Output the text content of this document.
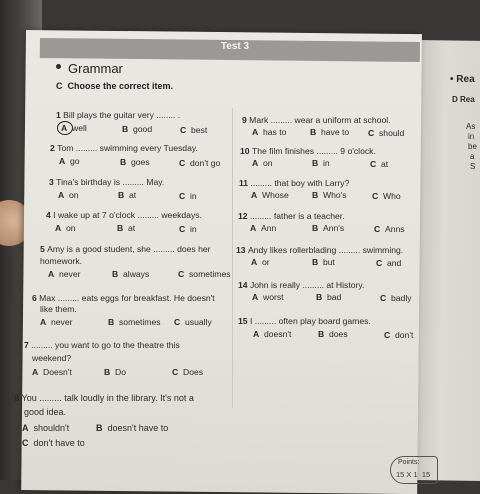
Test 3
Grammar
C Choose the correct item.
• Rea
D Rea
As
in
be
a
S
1 Bill plays the guitar very ........ .
A well	B good	C best
2 Tom ......... swimming every Tuesday.
A go	B goes	C don't go
3 Tina's birthday is ......... May.
A on	B at	C in
4 I wake up at 7 o'clock ......... weekdays.
A on	B at	C in
5 Amy is a good student, she ......... does her
homework.
A never	B always	C sometimes
6 Max ......... eats eggs for breakfast. He doesn't
like them.
A never	B sometimes C usually
7 ......... you want to go to the theatre this
weekend?
A Doesn't	B Do	C Does
8 You ......... talk loudly in the library. It's not a
good idea.
A shouldn't	B doesn't have to
C don't have to
9 Mark ......... wear a uniform at school.
A has to	B have to C should
10 The film finishes ......... 9 o'clock.
A on	B in	C at
11 ......... that boy with Larry?
A Whose	B Who's	C Who
12 ......... father is a teacher.
A Ann	B Ann's	C Anns
13 Andy likes rollerblading ......... swimming.
A or	B but	C and
14 John is really ......... at History.
A worst	B bad	C badly
15 I ......... often play board games.
A doesn't	B does	C don't
Points:
15 X 1 15
